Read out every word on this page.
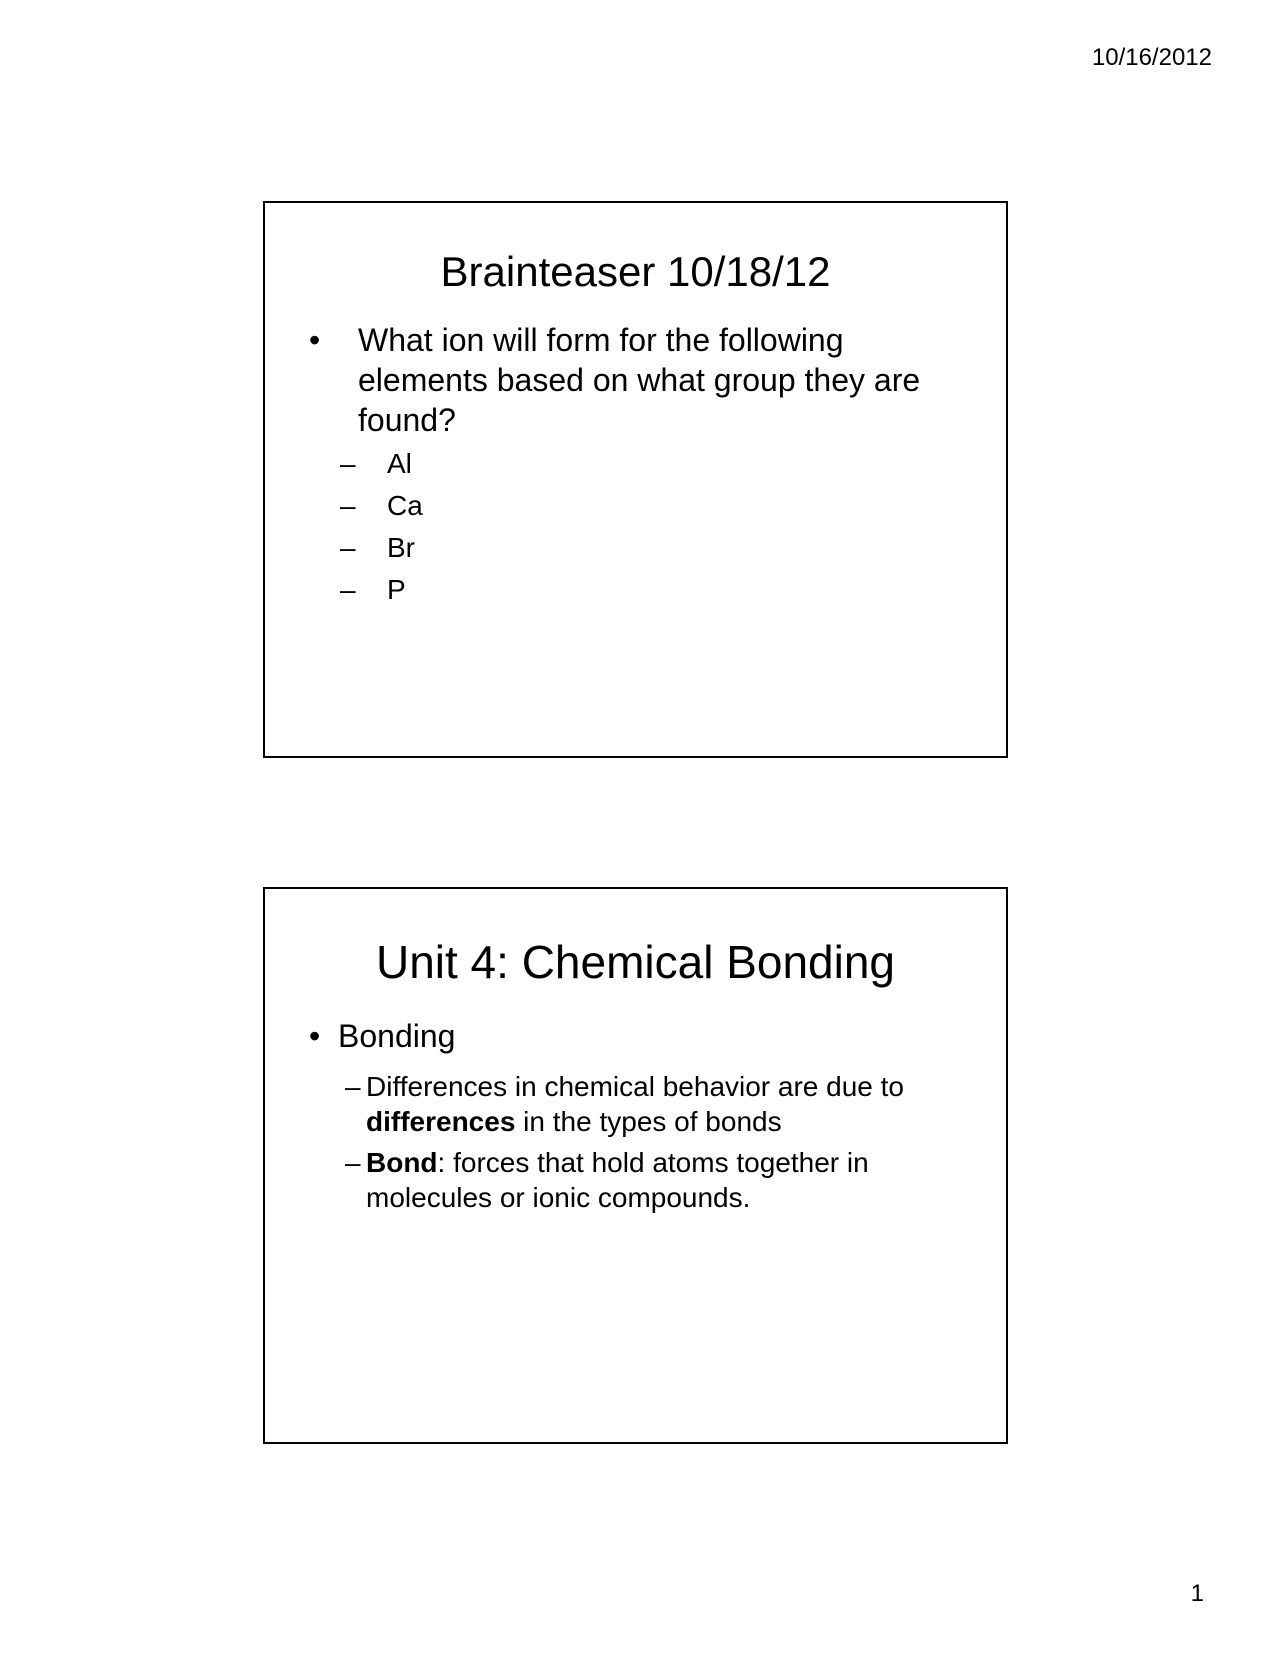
10/16/2012
Brainteaser 10/18/12
• What ion will form for the following elements based on what group they are found?
– Al
– Ca
– Br
– P
Unit 4: Chemical Bonding
• Bonding
– Differences in chemical behavior are due to differences in the types of bonds
– Bond: forces that hold atoms together in molecules or ionic compounds.
1
